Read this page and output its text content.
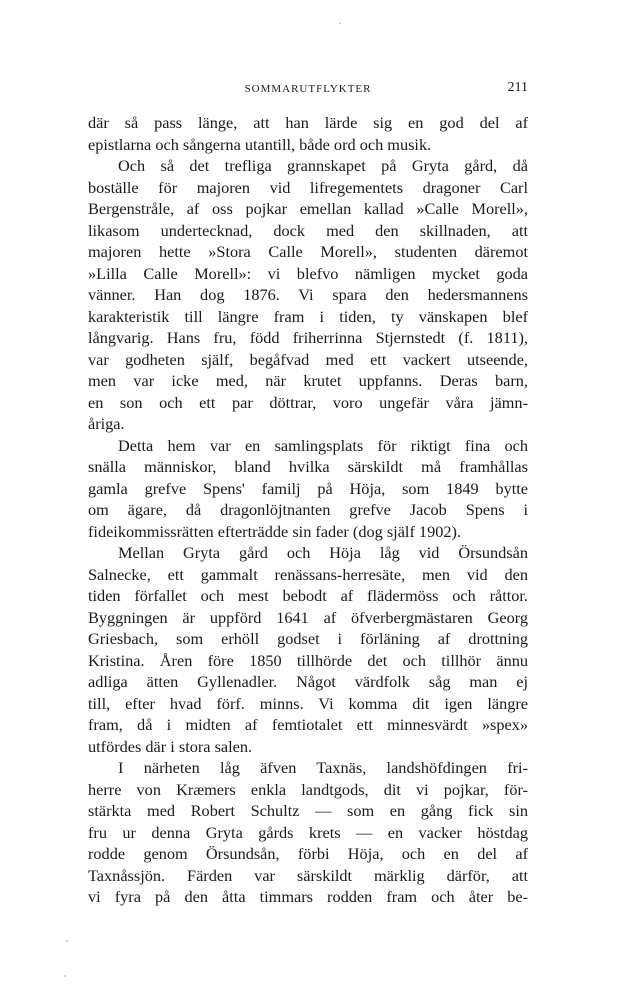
SOMMARUTFLYKTER	211
där så pass länge, att han lärde sig en god del af
epistlarna och sångerna utantill, både ord och musik.
Och så det trefliga grannskapet på Gryta gård, då
boställe för majoren vid lifregementets dragoner Carl
Bergenstråle, af oss pojkar emellan kallad »Calle Morell»,
likasom undertecknad, dock med den skillnaden, att
majoren hette »Stora Calle Morell», studenten däremot
»Lilla Calle Morell»: vi blefvo nämligen mycket goda
vänner. Han dog 1876. Vi spara den hedersmannens
karakteristik till längre fram i tiden, ty vänskapen blef
långvarig. Hans fru, född friherrinna Stjernstedt (f. 1811),
var godheten själf, begåfvad med ett vackert utseende,
men var icke med, när krutet uppfanns. Deras barn,
en son och ett par döttrar, voro ungefär våra jämn-
åriga.
Detta hem var en samlingsplats för riktigt fina och
snälla människor, bland hvilka särskildt må framhållas
gamla grefve Spens' familj på Höja, som 1849 bytte
om ägare, då dragonlöjtnanten grefve Jacob Spens i
fideikommissrätten efterträdde sin fader (dog själf 1902).
Mellan Gryta gård och Höja låg vid Örsundsån
Salnecke, ett gammalt renässans-herresäte, men vid den
tiden förfallet och mest bebodt af flädermöss och råttor.
Byggningen är uppförd 1641 af öfverbergmästaren Georg
Griesbach, som erhöll godset i förläning af drottning
Kristina. Åren före 1850 tillhörde det och tillhör ännu
adliga ätten Gyllenadler. Något värdfolk såg man ej
till, efter hvad förf. minns. Vi komma dit igen längre
fram, då i midten af femtiotalet ett minnesvärdt »spex»
utfördes där i stora salen.
I närheten låg äfven Taxnäs, landshöfdingen fri-
herre von Kræmers enkla landtgods, dit vi pojkar, för-
stärkta med Robert Schultz — som en gång fick sin
fru ur denna Gryta gårds krets — en vacker höstdag
rodde genom Örsundsån, förbi Höja, och en del af
Taxnåssjön. Färden var särskildt märklig därför, att
vi fyra på den åtta timmars rodden fram och åter be-
